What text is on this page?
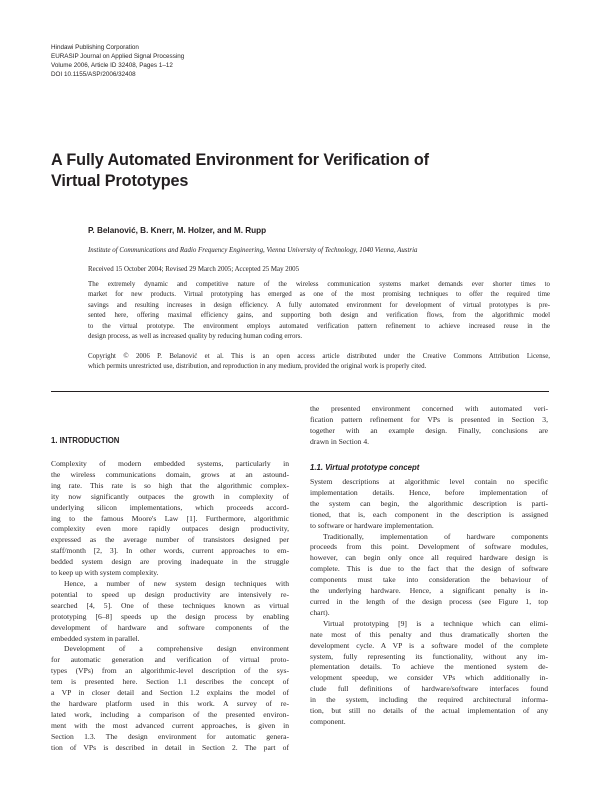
Hindawi Publishing Corporation
EURASIP Journal on Applied Signal Processing
Volume 2006, Article ID 32408, Pages 1–12
DOI 10.1155/ASP/2006/32408
A Fully Automated Environment for Verification of
Virtual Prototypes
P. Belanović, B. Knerr, M. Holzer, and M. Rupp
Institute of Communications and Radio Frequency Engineering, Vienna University of Technology, 1040 Vienna, Austria
Received 15 October 2004; Revised 29 March 2005; Accepted 25 May 2005
The extremely dynamic and competitive nature of the wireless communication systems market demands ever shorter times to
market for new products. Virtual prototyping has emerged as one of the most promising techniques to offer the required time
savings and resulting increases in design efficiency. A fully automated environment for development of virtual prototypes is pre-
sented here, offering maximal efficiency gains, and supporting both design and verification flows, from the algorithmic model
to the virtual prototype. The environment employs automated verification pattern refinement to achieve increased reuse in the
design process, as well as increased quality by reducing human coding errors.
Copyright © 2006 P. Belanović et al. This is an open access article distributed under the Creative Commons Attribution License,
which permits unrestricted use, distribution, and reproduction in any medium, provided the original work is properly cited.
1. INTRODUCTION
Complexity of modern embedded systems, particularly in
the wireless communications domain, grows at an astound-
ing rate. This rate is so high that the algorithmic complex-
ity now significantly outpaces the growth in complexity of
underlying silicon implementations, which proceeds accord-
ing to the famous Moore's Law [1]. Furthermore, algorithmic
complexity even more rapidly outpaces design productivity,
expressed as the average number of transistors designed per
staff/month [2, 3]. In other words, current approaches to em-
bedded system design are proving inadequate in the struggle
to keep up with system complexity.
Hence, a number of new system design techniques with
potential to speed up design productivity are intensively re-
searched [4, 5]. One of these techniques known as virtual
prototyping [6–8] speeds up the design process by enabling
development of hardware and software components of the
embedded system in parallel.
Development of a comprehensive design environment
for automatic generation and verification of virtual proto-
types (VPs) from an algorithmic-level description of the sys-
tem is presented here. Section 1.1 describes the concept of
a VP in closer detail and Section 1.2 explains the model of
the hardware platform used in this work. A survey of re-
lated work, including a comparison of the presented environ-
ment with the most advanced current approaches, is given in
Section 1.3. The design environment for automatic genera-
tion of VPs is described in detail in Section 2. The part of
the presented environment concerned with automated veri-
fication pattern refinement for VPs is presented in Section 3,
together with an example design. Finally, conclusions are
drawn in Section 4.
1.1. Virtual prototype concept
System descriptions at algorithmic level contain no specific
implementation details. Hence, before implementation of
the system can begin, the algorithmic description is parti-
tioned, that is, each component in the description is assigned
to software or hardware implementation.
Traditionally, implementation of hardware components
proceeds from this point. Development of software modules,
however, can begin only once all required hardware design is
complete. This is due to the fact that the design of software
components must take into consideration the behaviour of
the underlying hardware. Hence, a significant penalty is in-
curred in the length of the design process (see Figure 1, top
chart).
Virtual prototyping [9] is a technique which can elimi-
nate most of this penalty and thus dramatically shorten the
development cycle. A VP is a software model of the complete
system, fully representing its functionality, without any im-
plementation details. To achieve the mentioned system de-
velopment speedup, we consider VPs which additionally in-
clude full definitions of hardware/software interfaces found
in the system, including the required architectural informa-
tion, but still no details of the actual implementation of any
component.
